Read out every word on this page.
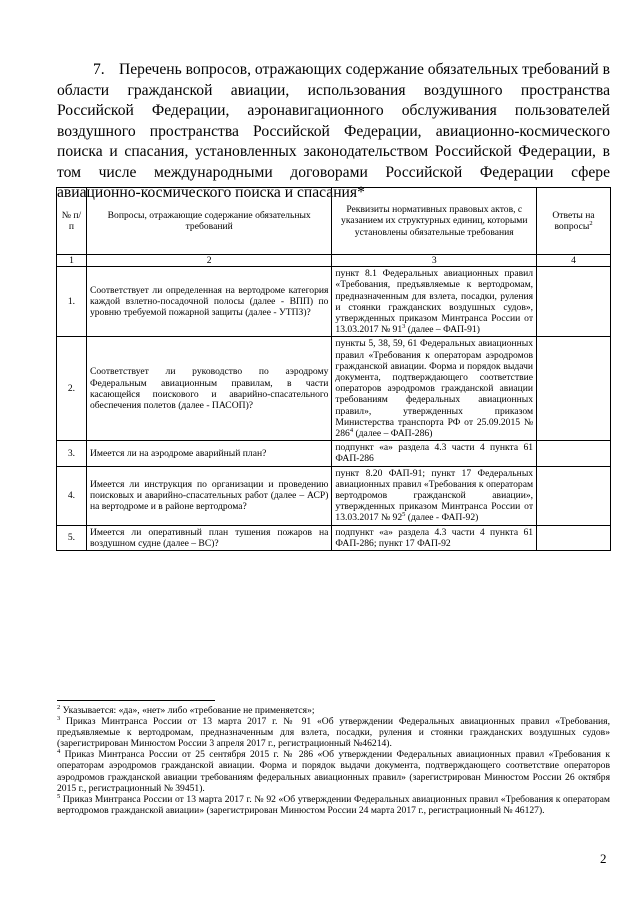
7. Перечень вопросов, отражающих содержание обязательных требований в области гражданской авиации, использования воздушного пространства Российской Федерации, аэронавигационного обслуживания пользователей воздушного пространства Российской Федерации, авиационно-космического поиска и спасания, установленных законодательством Российской Федерации, в том числе международными договорами Российской Федерации сфере авиационно-космического поиска и спасания*
№ п/п	Вопросы, отражающие содержание обязательных требований	Реквизиты нормативных правовых актов, с указанием их структурных единиц, которыми установлены обязательные требования	Ответы на вопросы$^2$
1	2	3	4
1.	Соответствует ли определенная на вертодроме категория каждой взлетно-посадочной полосы (далее - ВПП) по уровню требуемой пожарной защиты (далее - УТПЗ)?	пункт 8.1 Федеральных авиационных правил «Требования, предъявляемые к вертодромам, предназначенным для взлета, посадки, руления и стоянки гражданских воздушных судов», утвержденных приказом Минтранса России от 13.03.2017 № $91^3$ (далее – ФАП-91)	
2.	Соответствует ли руководство по аэродрому Федеральным авиационным правилам, в части касающейся поискового и аварийно-спасательного обеспечения полетов (далее - ПАСОП)?	пункты 5, 38, 59, 61 Федеральных авиационных правил «Требования к операторам аэродромов гражданской авиации. Форма и порядок выдачи документа, подтверждающего соответствие операторов аэродромов гражданской авиации требованиям федеральных авиационных правил», утвержденных приказом Министерства транспорта РФ от 25.09.2015 № $286^4$ (далее – ФАП-286)	
3.	Имеется ли на аэродроме аварийный план?	подпункт «а» раздела 4.3 части 4 пункта 61 ФАП-286	
4.	Имеется ли инструкция по организации и проведению поисковых и аварийно-спасательных работ (далее – АСР) на вертодроме и в районе вертодрома?	пункт 8.20 ФАП-91; пункт 17 Федеральных авиационных правил «Требования к операторам вертодромов гражданской авиации», утвержденных приказом Минтранса России от 13.03.2017 № $92^5$ (далее - ФАП-92)	
5.	Имеется ли оперативный план тушения пожаров на воздушном судне (далее – ВС)?	подпункт «а» раздела 4.3 части 4 пункта 61 ФАП-286; пункт 17 ФАП-92	

$^2$ Указывается: «да», «нет» либо «требование не применяется»;

$^3$ Приказ Минтранса России от 13 марта 2017 г. № 91 «Об утверждении Федеральных авиационных правил «Требования, предъявляемые к вертодромам, предназначенным для взлета, посадки, руления и стоянки гражданских воздушных судов» (зарегистрирован Минюстом России 3 апреля 2017 г., регистрационный №46214).

$^4$ Приказ Минтранса России от 25 сентября 2015 г. № 286 «Об утверждении Федеральных авиационных правил «Требования к операторам аэродромов гражданской авиации. Форма и порядок выдачи документа, подтверждающего соответствие операторов аэродромов гражданской авиации требованиям федеральных авиационных правил» (зарегистрирован Минюстом России 26 октября 2015 г., регистрационный № 39451).

$^5$ Приказ Минтранса России от 13 марта 2017 г. № 92 «Об утверждении Федеральных авиационных правил «Требования к операторам вертодромов гражданской авиации» (зарегистрирован Минюстом России 24 марта 2017 г., регистрационный № 46127).

2
